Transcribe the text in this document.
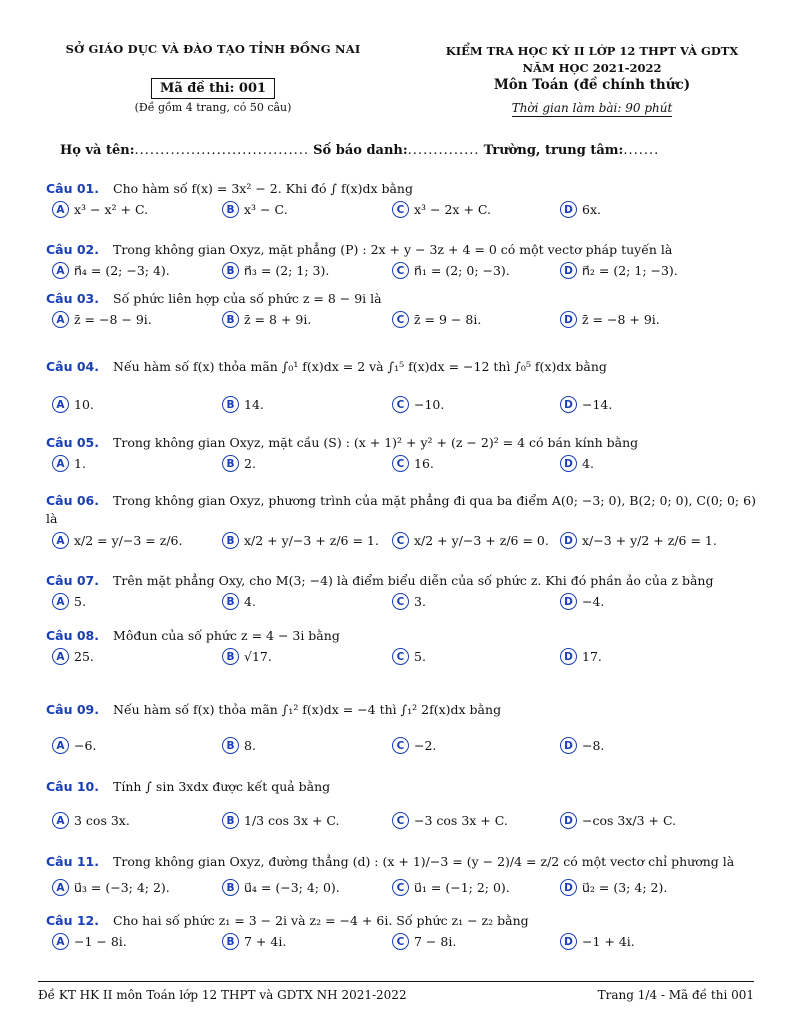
SỞ GIÁO DỤC VÀ ĐÀO TẠO TỈNH ĐỒNG NAI
Mã đề thi: 001
(Đề gồm 4 trang, có 50 câu)
KIỂM TRA HỌC KỲ II LỚP 12 THPT VÀ GDTX
NĂM HỌC 2021-2022
Môn Toán (đề chính thức)
Thời gian làm bài: 90 phút
Họ và tên:.................................. Số báo danh:.............. Trường, trung tâm:.......
Câu 01. Cho hàm số f(x) = 3x² − 2. Khi đó ∫ f(x)dx bằng
A x³ − x² + C.	B x³ − C.	C x³ − 2x + C.	D 6x.
Câu 02. Trong không gian Oxyz, mặt phẳng (P) : 2x + y − 3z + 4 = 0 có một vectơ pháp tuyến là
A n⃗₄ = (2; −3; 4).	B n⃗₃ = (2; 1; 3).	C n⃗₁ = (2; 0; −3).	D n⃗₂ = (2; 1; −3).
Câu 03. Số phức liên hợp của số phức z = 8 − 9i là
A z̄ = −8 − 9i.	B z̄ = 8 + 9i.	C z̄ = 9 − 8i.	D z̄ = −8 + 9i.
Câu 04. Nếu hàm số f(x) thỏa mãn ∫₀¹ f(x)dx = 2 và ∫₁⁵ f(x)dx = −12 thì ∫₀⁵ f(x)dx bằng
A 10.	B 14.	C −10.	D −14.
Câu 05. Trong không gian Oxyz, mặt cầu (S) : (x + 1)² + y² + (z − 2)² = 4 có bán kính bằng
A 1.	B 2.	C 16.	D 4.
Câu 06. Trong không gian Oxyz, phương trình của mặt phẳng đi qua ba điểm A(0; −3; 0), B(2; 0; 0), C(0; 0; 6) là
A x/2 = y/−3 = z/6.	B x/2 + y/−3 + z/6 = 1.	C x/2 + y/−3 + z/6 = 0.	D x/−3 + y/2 + z/6 = 1.
Câu 07. Trên mặt phẳng Oxy, cho M(3; −4) là điểm biểu diễn của số phức z. Khi đó phần ảo của z bằng
A 5.	B 4.	C 3.	D −4.
Câu 08. Môđun của số phức z = 4 − 3i bằng
A 25.	B √17.	C 5.	D 17.
Câu 09. Nếu hàm số f(x) thỏa mãn ∫₁² f(x)dx = −4 thì ∫₁² 2f(x)dx bằng
A −6.	B 8.	C −2.	D −8.
Câu 10. Tính ∫ sin 3xdx được kết quả bằng
A 3 cos 3x.	B 1/3 cos 3x + C.	C −3 cos 3x + C.	D −cos 3x/3 + C.
Câu 11. Trong không gian Oxyz, đường thẳng (d) : (x + 1)/−3 = (y − 2)/4 = z/2 có một vectơ chỉ phương là
A u⃗₃ = (−3; 4; 2).	B u⃗₄ = (−3; 4; 0).	C u⃗₁ = (−1; 2; 0).	D u⃗₂ = (3; 4; 2).
Câu 12. Cho hai số phức z₁ = 3 − 2i và z₂ = −4 + 6i. Số phức z₁ − z₂ bằng
A −1 − 8i.	B 7 + 4i.	C 7 − 8i.	D −1 + 4i.
Đề KT HK II môn Toán lớp 12 THPT và GDTX NH 2021-2022	Trang 1/4 - Mã đề thi 001
